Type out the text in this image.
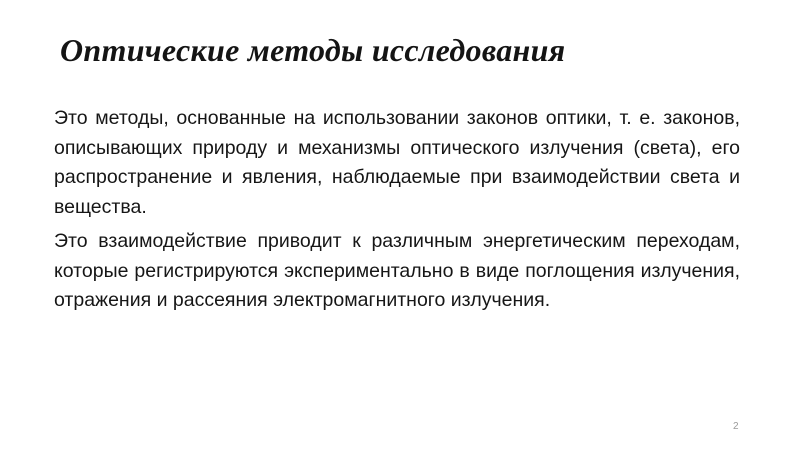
Оптические методы исследования

Это методы, основанные на использовании законов оптики, т. е. законов, описывающих природу и механизмы оптического излучения (света), его распространение и явления, наблюдаемые при взаимодействии света и вещества.

Это взаимодействие приводит к различным энергетическим переходам, которые регистрируются экспериментально в виде поглощения излучения, отражения и рассеяния электромагнитного излучения.

2
